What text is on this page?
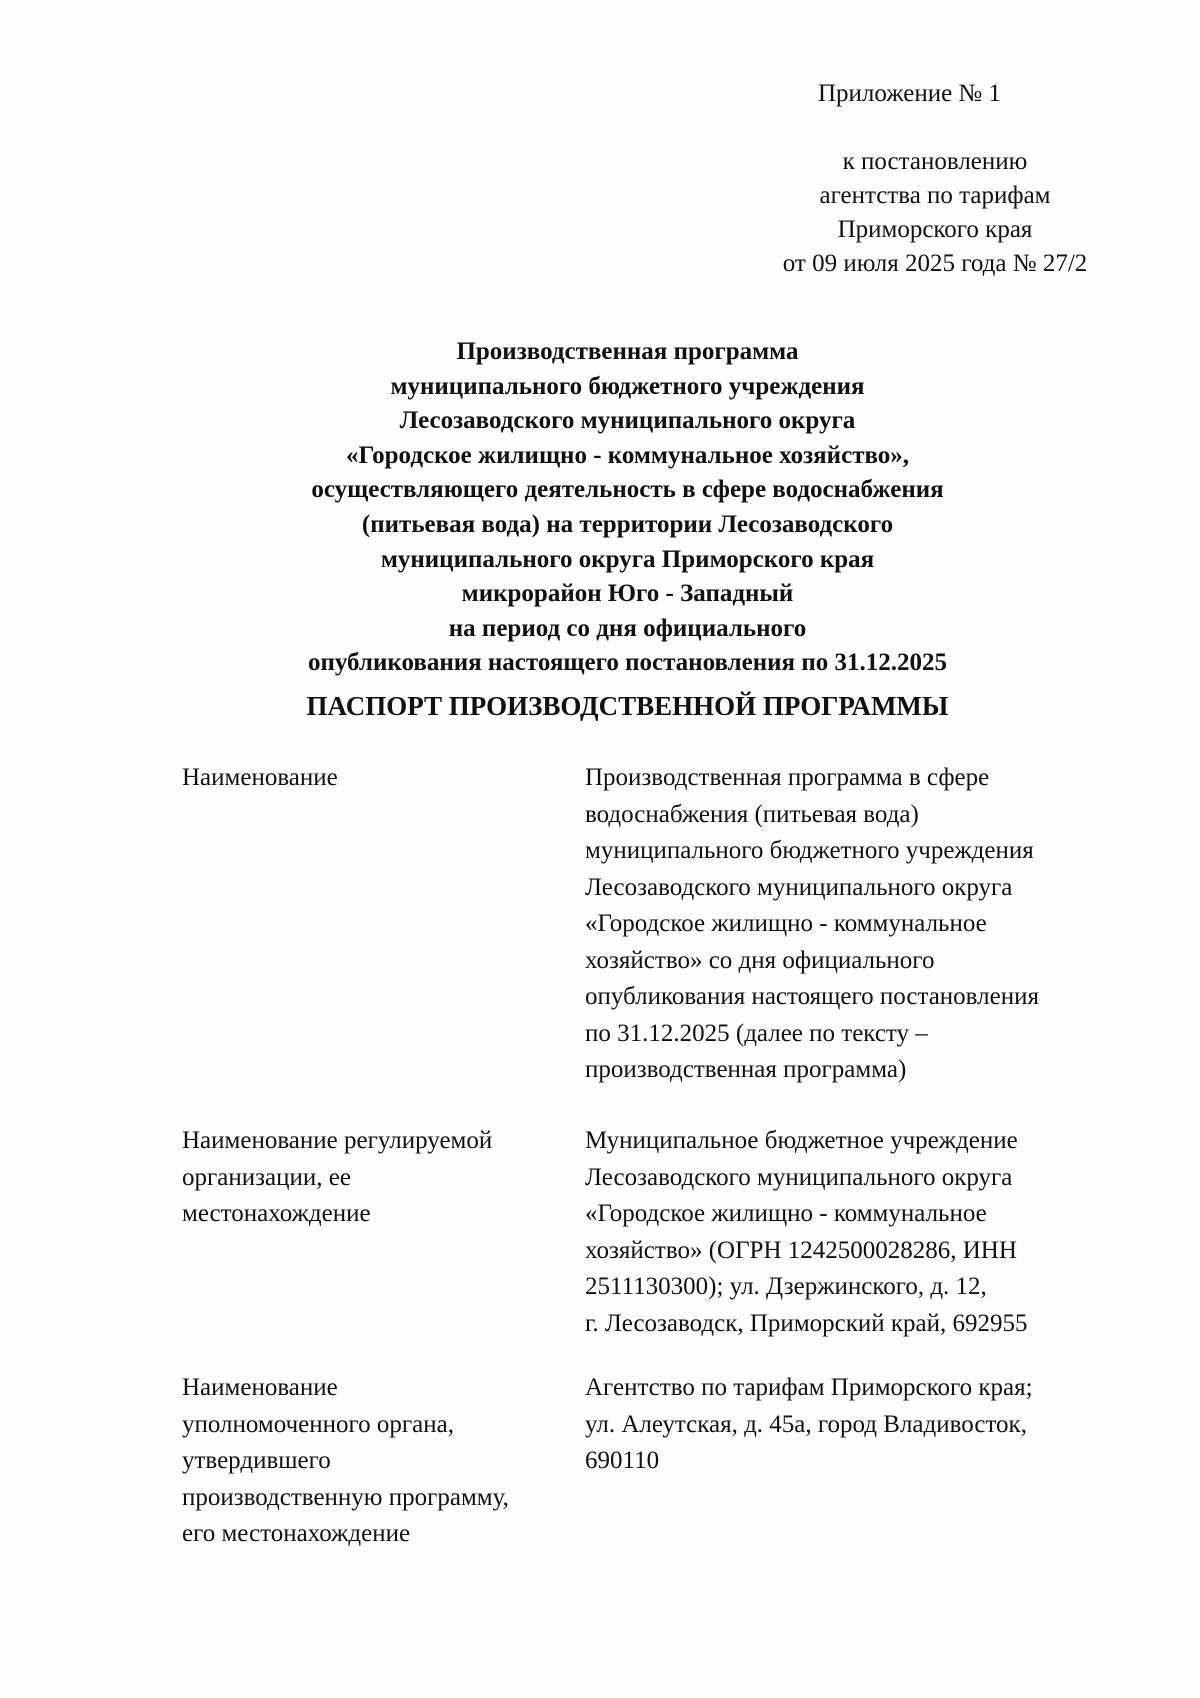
Приложение № 1
к постановлению
агентства по тарифам
Приморского края
от 09 июля 2025 года № 27/2
Производственная программа
муниципального бюджетного учреждения
Лесозаводского муниципального округа
«Городское жилищно - коммунальное хозяйство»,
осуществляющего деятельность в сфере водоснабжения
(питьевая вода) на территории Лесозаводского
муниципального округа Приморского края
микрорайон Юго - Западный
на период со дня официального
опубликования настоящего постановления по 31.12.2025
ПАСПОРТ ПРОИЗВОДСТВЕННОЙ ПРОГРАММЫ
Наименование	Производственная программа в сфере
водоснабжения (питьевая вода)
муниципального бюджетного учреждения
Лесозаводского муниципального округа
«Городское жилищно - коммунальное
хозяйство» со дня официального
опубликования настоящего постановления
по 31.12.2025 (далее по тексту –
производственная программа)
Наименование регулируемой
организации, ее
местонахождение
Муниципальное бюджетное учреждение
Лесозаводского муниципального округа
«Городское жилищно - коммунальное
хозяйство» (ОГРН 1242500028286, ИНН
2511130300); ул. Дзержинского, д. 12,
г. Лесозаводск, Приморский край, 692955
Наименование
уполномоченного органа,
утвердившего
производственную программу,
его местонахождение
Агентство по тарифам Приморского края;
ул. Алеутская, д. 45а, город Владивосток,
690110
